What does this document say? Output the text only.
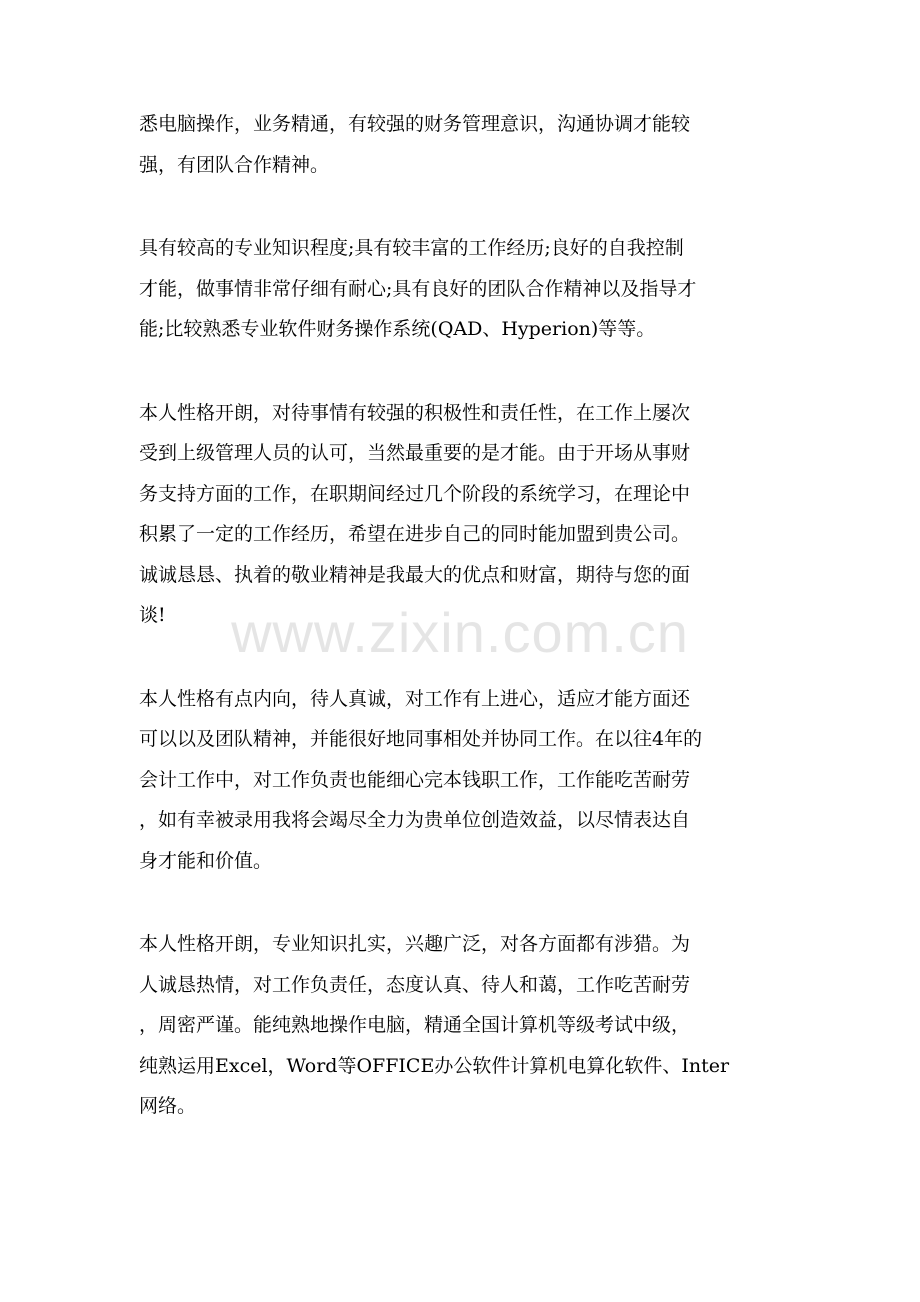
悉电脑操作，业务精通，有较强的财务管理意识，沟通协调才能较
强，有团队合作精神。
具有较高的专业知识程度;具有较丰富的工作经历;良好的自我控制
才能，做事情非常仔细有耐心;具有良好的团队合作精神以及指导才
能;比较熟悉专业软件财务操作系统(QAD、Hyperion)等等。
本人性格开朗，对待事情有较强的积极性和责任性，在工作上屡次
受到上级管理人员的认可，当然最重要的是才能。由于开场从事财
务支持方面的工作，在职期间经过几个阶段的系统学习，在理论中
积累了一定的工作经历，希望在进步自己的同时能加盟到贵公司。
诚诚恳恳、执着的敬业精神是我最大的优点和财富，期待与您的面
谈!
本人性格有点内向，待人真诚，对工作有上进心，适应才能方面还
可以以及团队精神，并能很好地同事相处并协同工作。在以往4年的
会计工作中，对工作负责也能细心完本钱职工作，工作能吃苦耐劳
，如有幸被录用我将会竭尽全力为贵单位创造效益，以尽情表达自
身才能和价值。
本人性格开朗，专业知识扎实，兴趣广泛，对各方面都有涉猎。为
人诚恳热情，对工作负责任，态度认真、待人和蔼，工作吃苦耐劳
，周密严谨。能纯熟地操作电脑，精通全国计算机等级考试中级，
纯熟运用Excel，Word等OFFICE办公软件计算机电算化软件、Inter
网络。
www.zixin.com.cn
